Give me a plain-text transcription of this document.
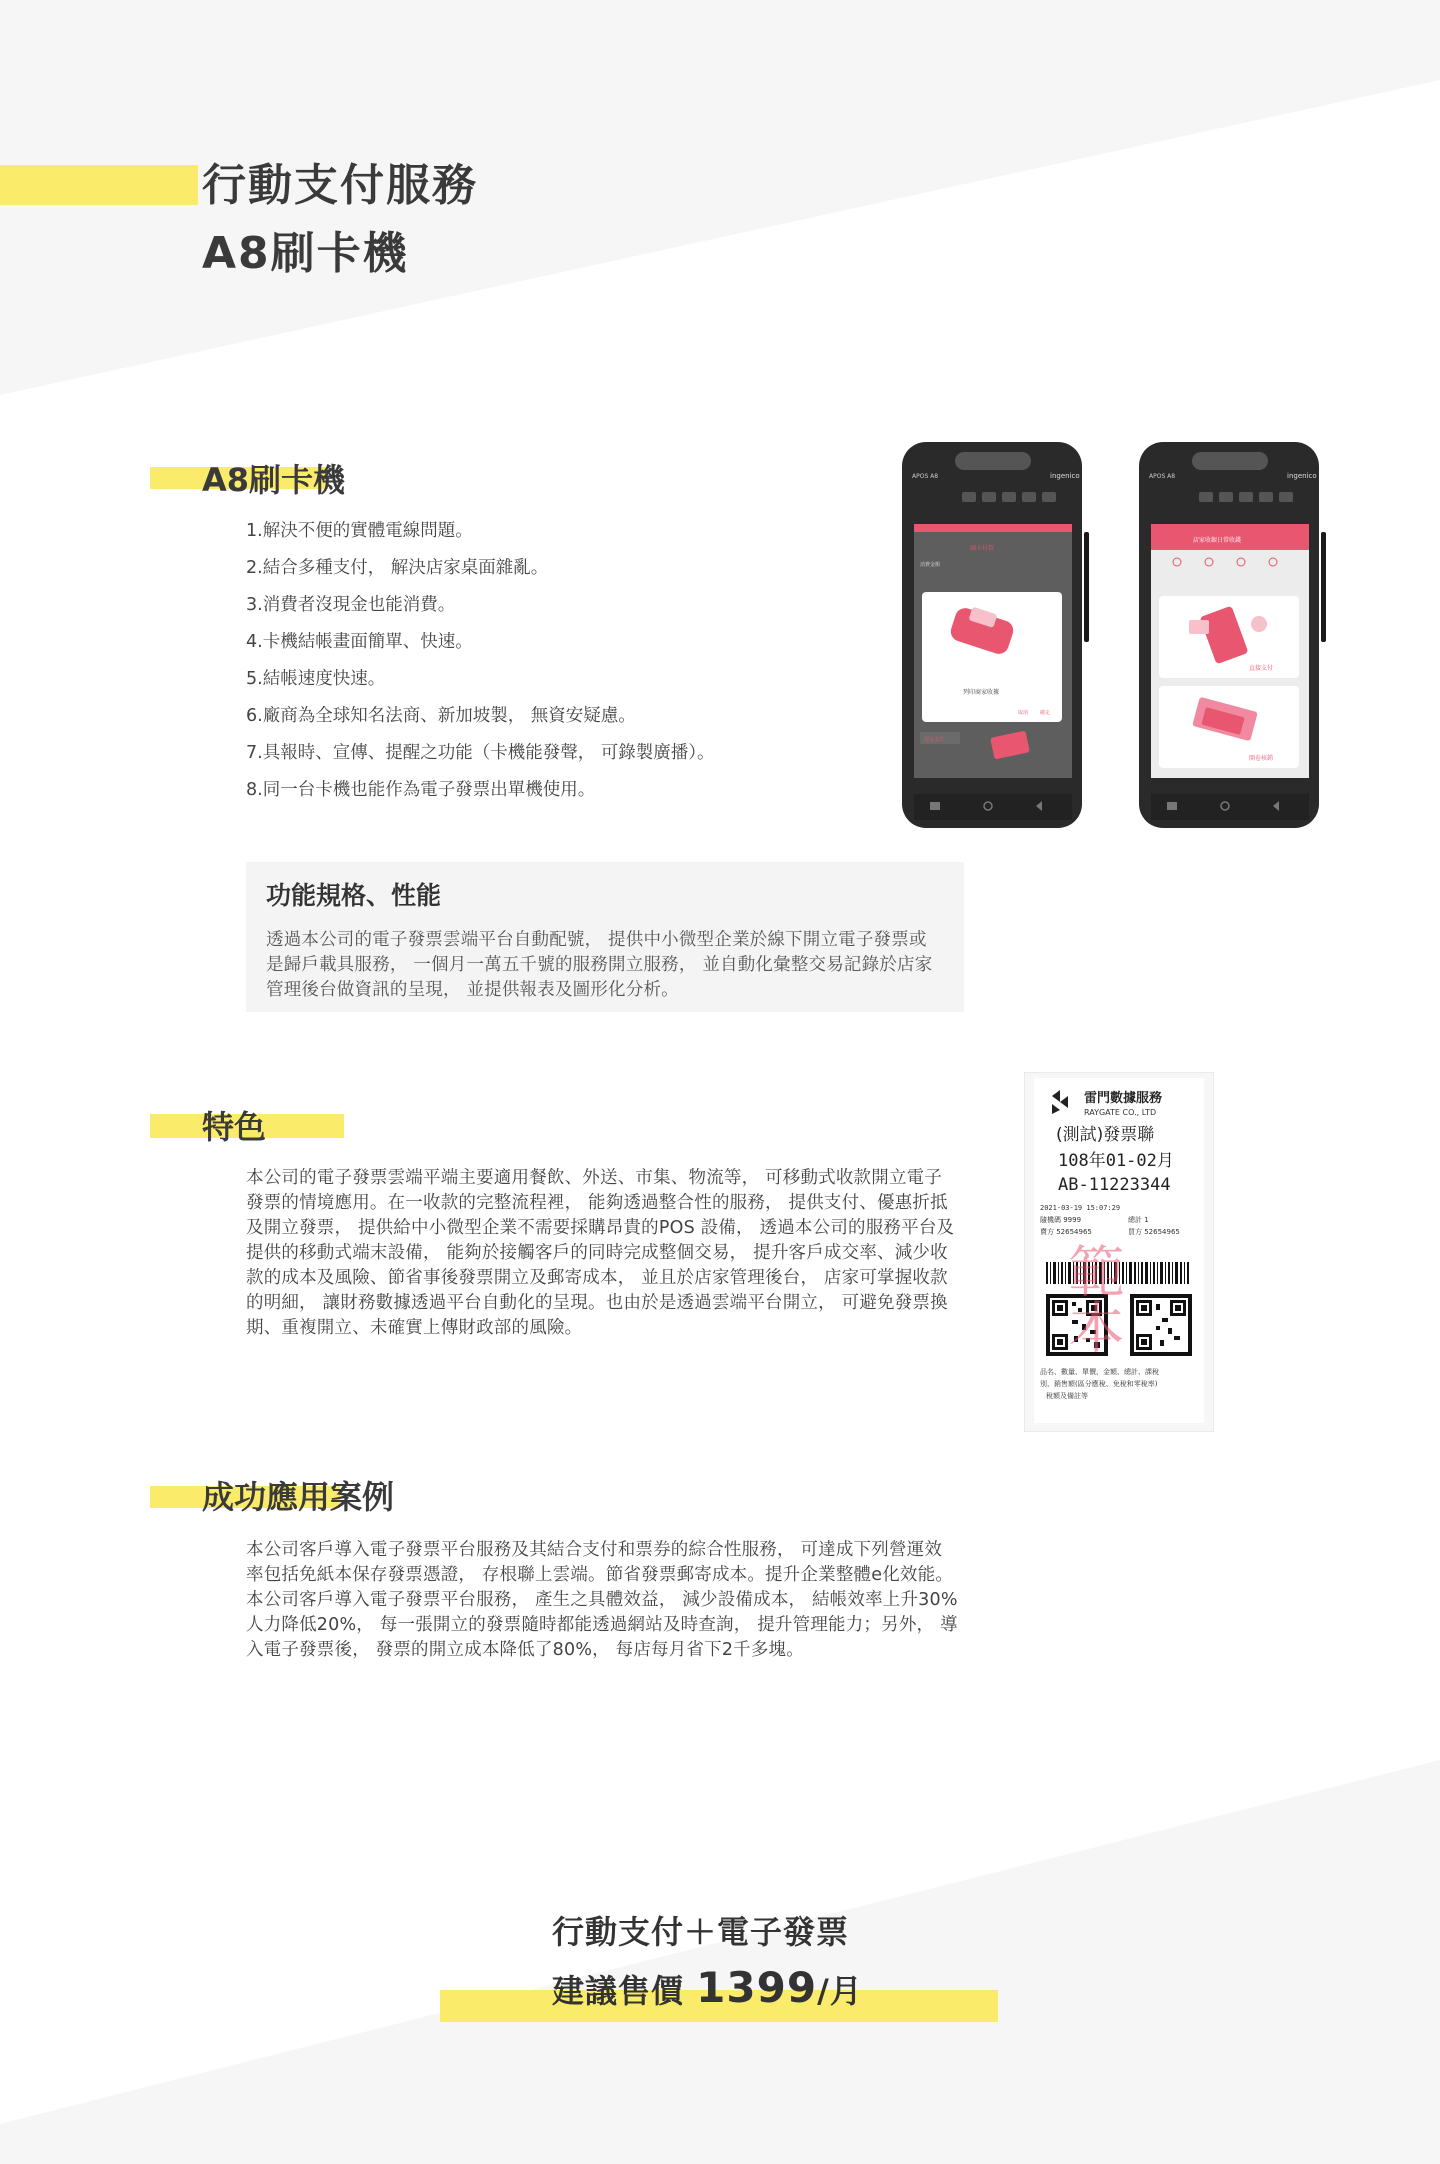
行動支付服務
A8刷卡機
A8刷卡機
1.解決不便的實體電線問題。
2.結合多種支付， 解決店家桌面雜亂。
3.消費者沒現金也能消費。
4.卡機結帳畫面簡單、快速。
5.結帳速度快速。
6.廠商為全球知名法商、新加坡製， 無資安疑慮。
7.具報時、宣傳、提醒之功能（卡機能發聲， 可錄製廣播）。
8.同一台卡機也能作為電子發票出單機使用。
APOS A8	ingenico
刷卡付款
消費金額
列印商家收據
取消 確定
現金支付
APOS A8	ingenico
店家收銀日常收錢
直接支付
開卷核銷
功能規格、性能
透過本公司的電子發票雲端平台自動配號， 提供中小微型企業於線下開立電子發票或是歸戶載具服務， 一個月一萬五千號的服務開立服務， 並自動化彙整交易記錄於店家管理後台做資訊的呈現， 並提供報表及圖形化分析。
特色
本公司的電子發票雲端平端主要適用餐飲、外送、市集、物流等， 可移動式收款開立電子發票的情境應用。在一收款的完整流程裡， 能夠透過整合性的服務， 提供支付、優惠折抵及開立發票， 提供給中小微型企業不需要採購昂貴的POS 設備， 透過本公司的服務平台及提供的移動式端末設備， 能夠於接觸客戶的同時完成整個交易， 提升客戶成交率、減少收款的成本及風險、節省事後發票開立及郵寄成本， 並且於店家管理後台， 店家可掌握收款的明細， 讓財務數據透過平台自動化的呈現。也由於是透過雲端平台開立， 可避免發票換期、重複開立、未確實上傳財政部的風險。
雷門數據服務
RAYGATE CO., LTD
(測試)發票聯
108年01-02月
AB-11223344
2021-03-19 15:07:29
隨機碼 9999	總計 1
賣方 52654965	買方 52654965
範本
品名、數量、單價、金額、總計、課稅
別、銷售額(區分應稅、免稅和零稅率)
稅額及備註等
成功應用案例
本公司客戶導入電子發票平台服務及其結合支付和票券的綜合性服務， 可達成下列營運效率包括免紙本保存發票憑證， 存根聯上雲端。節省發票郵寄成本。提升企業整體e化效能。
本公司客戶導入電子發票平台服務， 產生之具體效益， 減少設備成本， 結帳效率上升30%人力降低20%， 每一張開立的發票隨時都能透過網站及時查詢， 提升管理能力；另外， 導入電子發票後， 發票的開立成本降低了80%， 每店每月省下2千多塊。
行動支付＋電子發票
建議售價 1399/月
